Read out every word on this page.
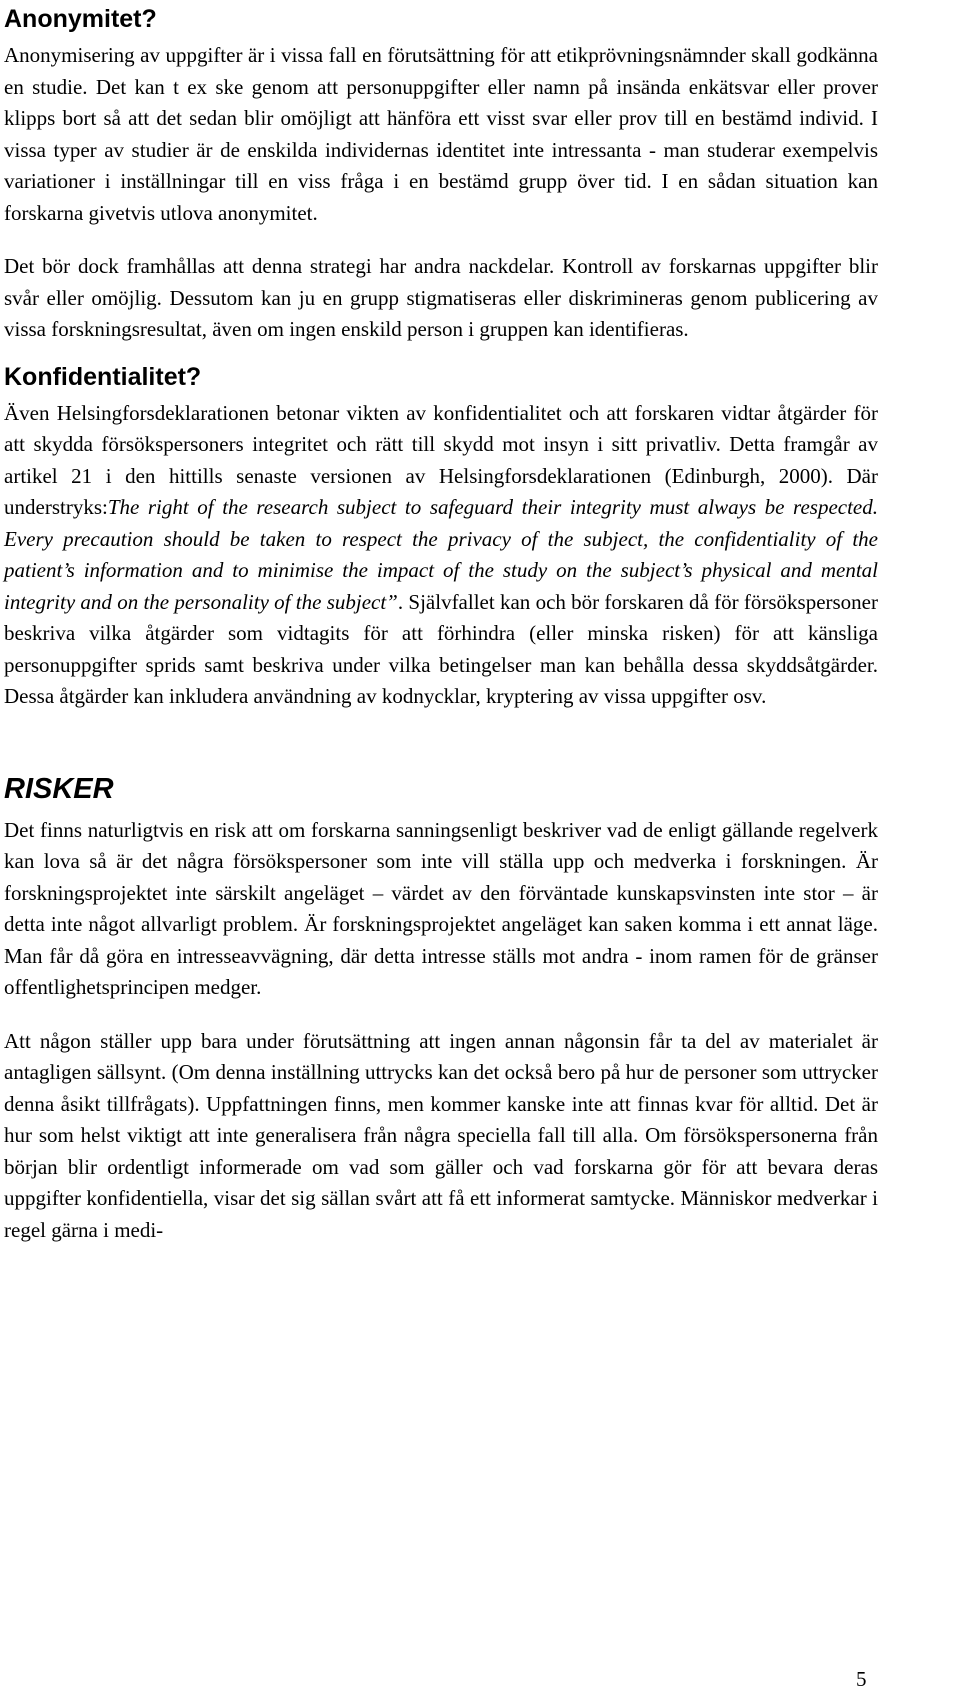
Anonymitet?

Anonymisering av uppgifter är i vissa fall en förutsättning för att etikprövningsnämnder skall godkänna en studie. Det kan t ex ske genom att personuppgifter eller namn på insända enkätsvar eller prover klipps bort så att det sedan blir omöjligt att hänföra ett visst svar eller prov till en bestämd individ. I vissa typer av studier är de enskilda individernas identitet inte intressanta - man studerar exempelvis variationer i inställningar till en viss fråga i en bestämd grupp över tid. I en sådan situation kan forskarna givetvis utlova anonymitet.

Det bör dock framhållas att denna strategi har andra nackdelar. Kontroll av forskarnas uppgifter blir svår eller omöjlig. Dessutom kan ju en grupp stigmatiseras eller diskrimineras genom publicering av vissa forskningsresultat, även om ingen enskild person i gruppen kan identifieras.

Konfidentialitet?

Även Helsingforsdeklarationen betonar vikten av konfidentialitet och att forskaren vidtar åtgärder för att skydda försökspersoners integritet och rätt till skydd mot insyn i sitt privatliv. Detta framgår av artikel 21 i den hittills senaste versionen av Helsingforsdeklarationen (Edinburgh, 2000). Där understryks:The right of the research subject to safeguard their integrity must always be respected. Every precaution should be taken to respect the privacy of the subject, the confidentiality of the patient’s information and to minimise the impact of the study on the subject’s physical and mental integrity and on the personality of the subject”. Självfallet kan och bör forskaren då för försökspersoner beskriva vilka åtgärder som vidtagits för att förhindra (eller minska risken) för att känsliga personuppgifter sprids samt beskriva under vilka betingelser man kan behålla dessa skyddsåtgärder. Dessa åtgärder kan inkludera användning av kodnycklar, kryptering av vissa uppgifter osv.

RISKER

Det finns naturligtvis en risk att om forskarna sanningsenligt beskriver vad de enligt gällande regelverk kan lova så är det några försökspersoner som inte vill ställa upp och medverka i forskningen. Är forskningsprojektet inte särskilt angeläget – värdet av den förväntade kunskapsvinsten inte stor – är detta inte något allvarligt problem. Är forskningsprojektet angeläget kan saken komma i ett annat läge. Man får då göra en intresseavvägning, där detta intresse ställs mot andra - inom ramen för de gränser offentlighetsprincipen medger.

Att någon ställer upp bara under förutsättning att ingen annan någonsin får ta del av materialet är antagligen sällsynt. (Om denna inställning uttrycks kan det också bero på hur de personer som uttrycker denna åsikt tillfrågats). Uppfattningen finns, men kommer kanske inte att finnas kvar för alltid. Det är hur som helst viktigt att inte generalisera från några speciella fall till alla. Om försökspersonerna från början blir ordentligt informerade om vad som gäller och vad forskarna gör för att bevara deras uppgifter konfidentiella, visar det sig sällan svårt att få ett informerat samtycke. Människor medverkar i regel gärna i medi-

5
